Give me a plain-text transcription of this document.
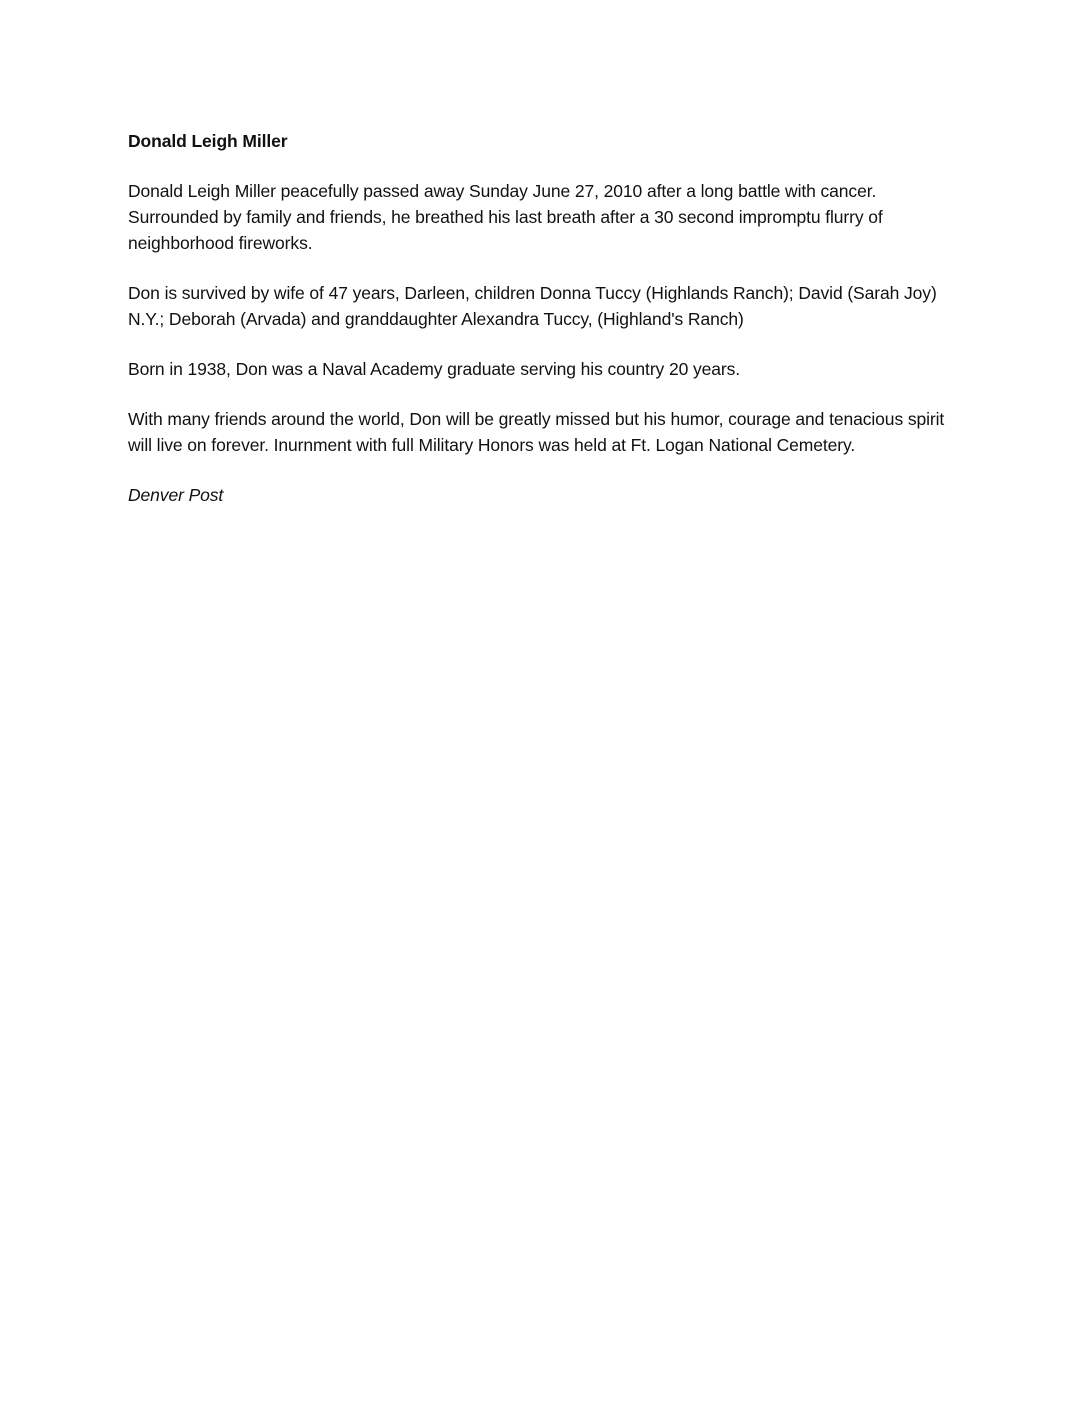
Donald Leigh Miller

Donald Leigh Miller peacefully passed away Sunday June 27, 2010 after a long battle with cancer. Surrounded by family and friends, he breathed his last breath after a 30 second impromptu flurry of neighborhood fireworks.

Don is survived by wife of 47 years, Darleen, children Donna Tuccy (Highlands Ranch); David (Sarah Joy) N.Y.; Deborah (Arvada) and granddaughter Alexandra Tuccy, (Highland's Ranch)

Born in 1938, Don was a Naval Academy graduate serving his country 20 years.

With many friends around the world, Don will be greatly missed but his humor, courage and tenacious spirit will live on forever. Inurnment with full Military Honors was held at Ft. Logan National Cemetery.

Denver Post
